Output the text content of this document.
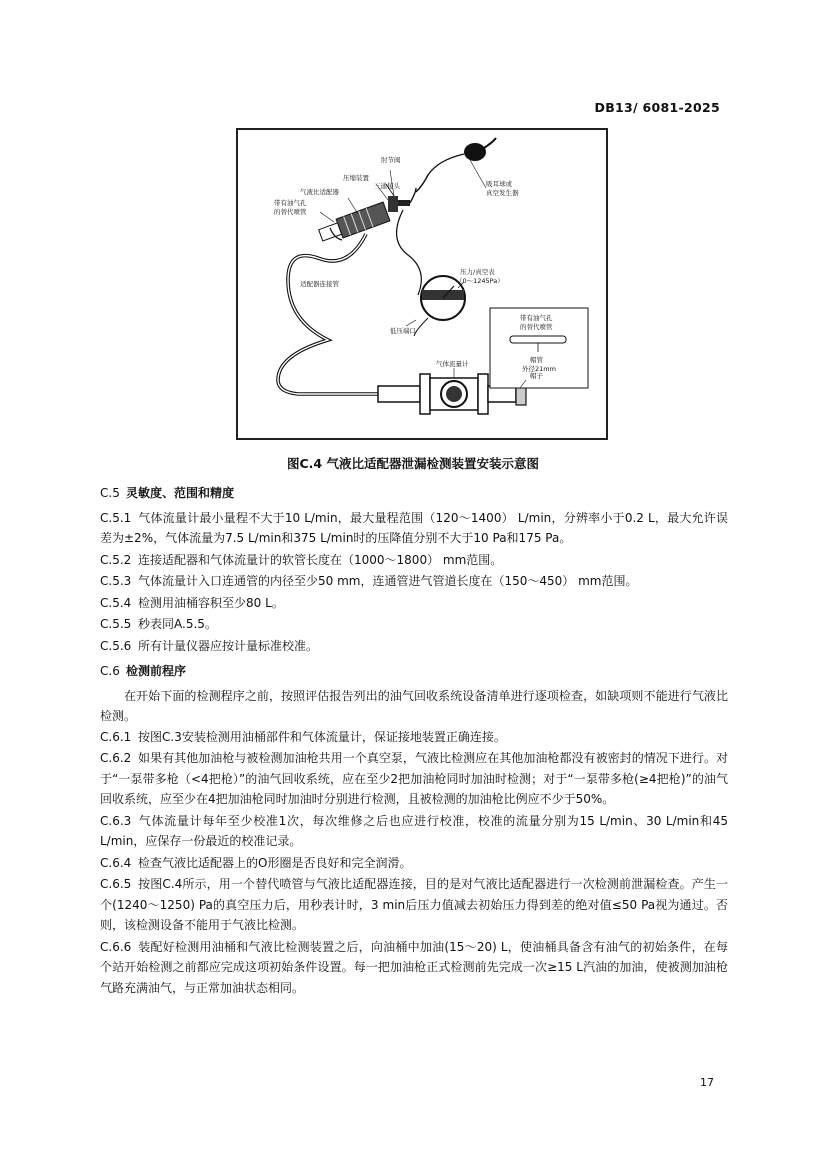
DB13/ 6081-2025
肘节阀
压缩装置
三通接头
气液比适配器
带有油气孔
的替代喷管
吸耳球或
真空发生器
压力/真空表
（0～1245Pa）
适配器连接管
低压端口
带有油气孔
的替代喷管
帽管
外径21mm
气体流量计
帽子
图C.4 气液比适配器泄漏检测装置安装示意图
C.5 灵敏度、范围和精度

C.5.1 气体流量计最小量程不大于10 L/min，最大量程范围（120～1400） L/min，分辨率小于0.2 L，最大允许误差为±2%，气体流量为7.5 L/min和375 L/min时的压降值分别不大于10 Pa和175 Pa。

C.5.2 连接适配器和气体流量计的软管长度在（1000～1800） mm范围。

C.5.3 气体流量计入口连通管的内径至少50 mm，连通管进气管道长度在（150～450） mm范围。

C.5.4 检测用油桶容积至少80 L。

C.5.5 秒表同A.5.5。

C.5.6 所有计量仪器应按计量标准校准。

C.6 检测前程序

在开始下面的检测程序之前，按照评估报告列出的油气回收系统设备清单进行逐项检查，如缺项则不能进行气液比检测。

C.6.1 按图C.3安装检测用油桶部件和气体流量计，保证接地装置正确连接。

C.6.2 如果有其他加油枪与被检测加油枪共用一个真空泵，气液比检测应在其他加油枪都没有被密封的情况下进行。对于“一泵带多枪（<4把枪）”的油气回收系统，应在至少2把加油枪同时加油时检测；对于“一泵带多枪(≥4把枪)”的油气回收系统，应至少在4把加油枪同时加油时分别进行检测，且被检测的加油枪比例应不少于50%。

C.6.3 气体流量计每年至少校准1次，每次维修之后也应进行校准，校准的流量分别为15 L/min、30 L/min和45 L/min，应保存一份最近的校准记录。

C.6.4 检查气液比适配器上的O形圈是否良好和完全润滑。

C.6.5 按图C.4所示，用一个替代喷管与气液比适配器连接，目的是对气液比适配器进行一次检测前泄漏检查。产生一个(1240～1250) Pa的真空压力后，用秒表计时，3 min后压力值减去初始压力得到差的绝对值≤50 Pa视为通过。否则，该检测设备不能用于气液比检测。

C.6.6 装配好检测用油桶和气液比检测装置之后，向油桶中加油(15～20) L，使油桶具备含有油气的初始条件，在每个站开始检测之前都应完成这项初始条件设置。每一把加油枪正式检测前先完成一次≥15 L汽油的加油，使被测加油枪气路充满油气，与正常加油状态相同。

17
